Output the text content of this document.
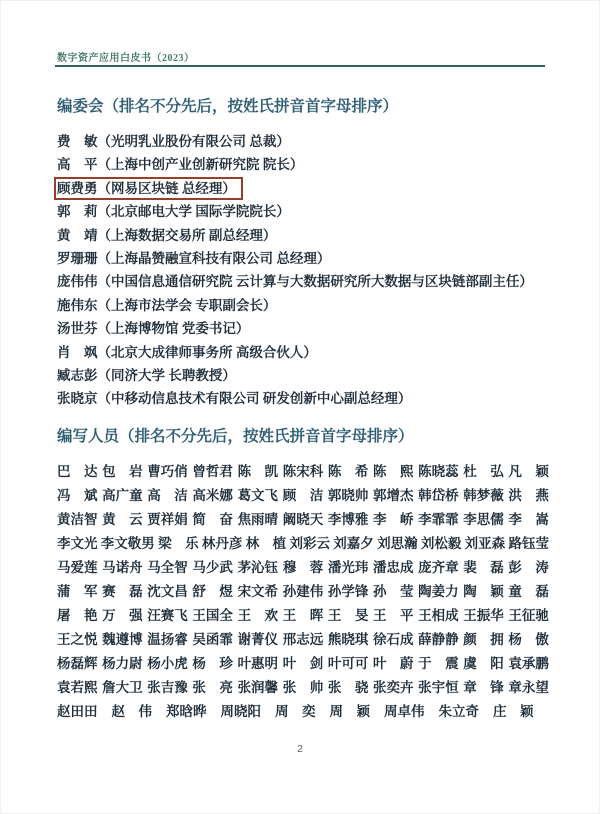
数字资产应用白皮书（2023）
编委会（排名不分先后，按姓氏拼音首字母排序）
费　敏（光明乳业股份有限公司 总裁）
高　平（上海中创产业创新研究院 院长）
顾费勇（网易区块链 总经理）
郭　莉（北京邮电大学 国际学院院长）
黄　靖（上海数据交易所 副总经理）
罗珊珊（上海晶赞融宣科技有限公司 总经理）
庞伟伟（中国信息通信研究院 云计算与大数据研究所大数据与区块链部副主任）
施伟东（上海市法学会 专职副会长）
汤世芬（上海博物馆 党委书记）
肖　飒（北京大成律师事务所 高级合伙人）
臧志彭（同济大学 长聘教授）
张晓京（中移动信息技术有限公司 研发创新中心副总经理）
编写人员（排名不分先后，按姓氏拼音首字母排序）
巴　达 包　岩 曹巧俏 曾哲君 陈　凯 陈宋科 陈　希 陈　熙 陈晓蕊 杜　弘 凡　颖
冯　斌 高广童 高　洁 高米娜 葛文飞 顾　洁 郭晓帅 郭增杰 韩岱桥 韩梦薇 洪　燕
黄洁智 黄　云 贾祥娟 简　奋 焦雨晴 阚晓天 李博雅 李　峤 李霏霏 李思儒 李　嵩
李文光 李文敬男 梁　乐 林丹彦 林　植 刘彩云 刘嘉夕 刘思瀚 刘松毅 刘亚森 路钰莹
马爱莲 马诺舟 马全智 马少武 茅沁钰 穆　蓉 潘光玮 潘忠成 庞齐章 裴　磊 彭　涛
蒲　军 赛　磊 沈文昌 舒　煜 宋文希 孙建伟 孙学锋 孙　莹 陶姜力 陶　颖 童　磊
屠　艳 万　强 汪赛飞 王国全 王　欢 王　晖 王　旻 王　平 王相成 王振华 王征驰
王之悦 魏遵博 温扬睿 吴函霏 谢菁仪 邢志远 熊晓琪 徐石成 薛静静 颜　拥 杨　傲
杨磊辉 杨力尉 杨小虎 杨　珍 叶惠明 叶　剑 叶可可 叶　蔚 于　震 虞　阳 袁承鹏
袁若熙 詹大卫 张吉豫 张　亮 张润馨 张　帅 张　骁 张奕卉 张宇恒 章　锋 章永望
赵田田 赵　伟 郑晗晔 周晓阳 周　奕 周　颖 周卓伟 朱立奇 庄　颖
2
